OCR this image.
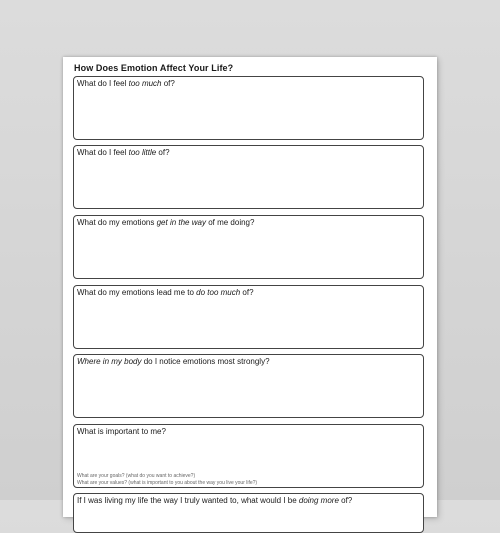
How Does Emotion Affect Your Life?
What do I feel too much of?
What do I feel too little of?
What do my emotions get in the way of me doing?
What do my emotions lead me to do too much of?
Where in my body do I notice emotions most strongly?
What is important to me?
What are your goals? (what do you want to achieve?)
What are your values? (what is important to you about the way you live your life?)
If I was living my life the way I truly wanted to, what would I be doing more of?
